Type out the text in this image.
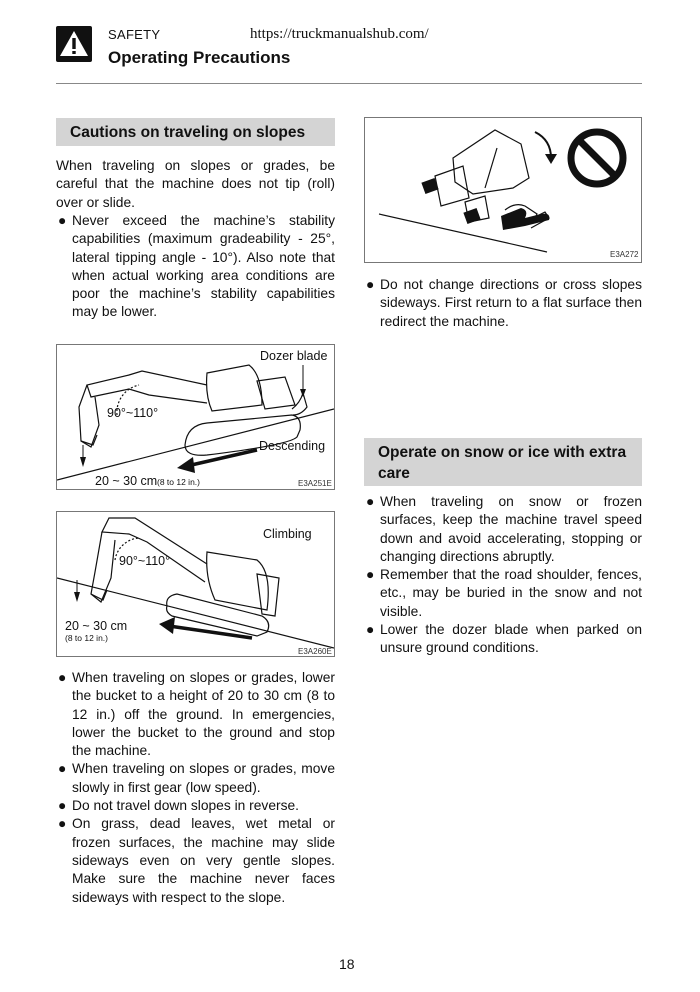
SAFETY	https://truckmanualshub.com/
Operating Precautions
Cautions on traveling on slopes
When traveling on slopes or grades, be careful that the machine does not tip (roll) over or slide.
● Never exceed the machine’s stability capabilities (maximum gradeability - 25°, lateral tipping angle - 10°). Also note that when actual working area conditions are poor the machine’s stability capabilities may be lower.
Dozer blade
90°~110°
Descending
20 ~ 30 cm (8 to 12 in.)	E3A251E
Climbing
90°~110°
20 ~ 30 cm
(8 to 12 in.)
E3A260E
● When traveling on slopes or grades, lower the bucket to a height of 20 to 30 cm (8 to 12 in.) off the ground. In emergencies, lower the bucket to the ground and stop the machine.
● When traveling on slopes or grades, move slowly in first gear (low speed).
● Do not travel down slopes in reverse.
● On grass, dead leaves, wet metal or frozen surfaces, the machine may slide sideways even on very gentle slopes. Make sure the machine never faces sideways with respect to the slope.
E3A272
● Do not change directions or cross slopes sideways. First return to a flat surface then redirect the machine.
Operate on snow or ice with extra care
● When traveling on snow or frozen surfaces, keep the machine travel speed down and avoid accelerating, stopping or changing directions abruptly.
● Remember that the road shoulder, fences, etc., may be buried in the snow and not visible.
● Lower the dozer blade when parked on unsure ground conditions.
18
